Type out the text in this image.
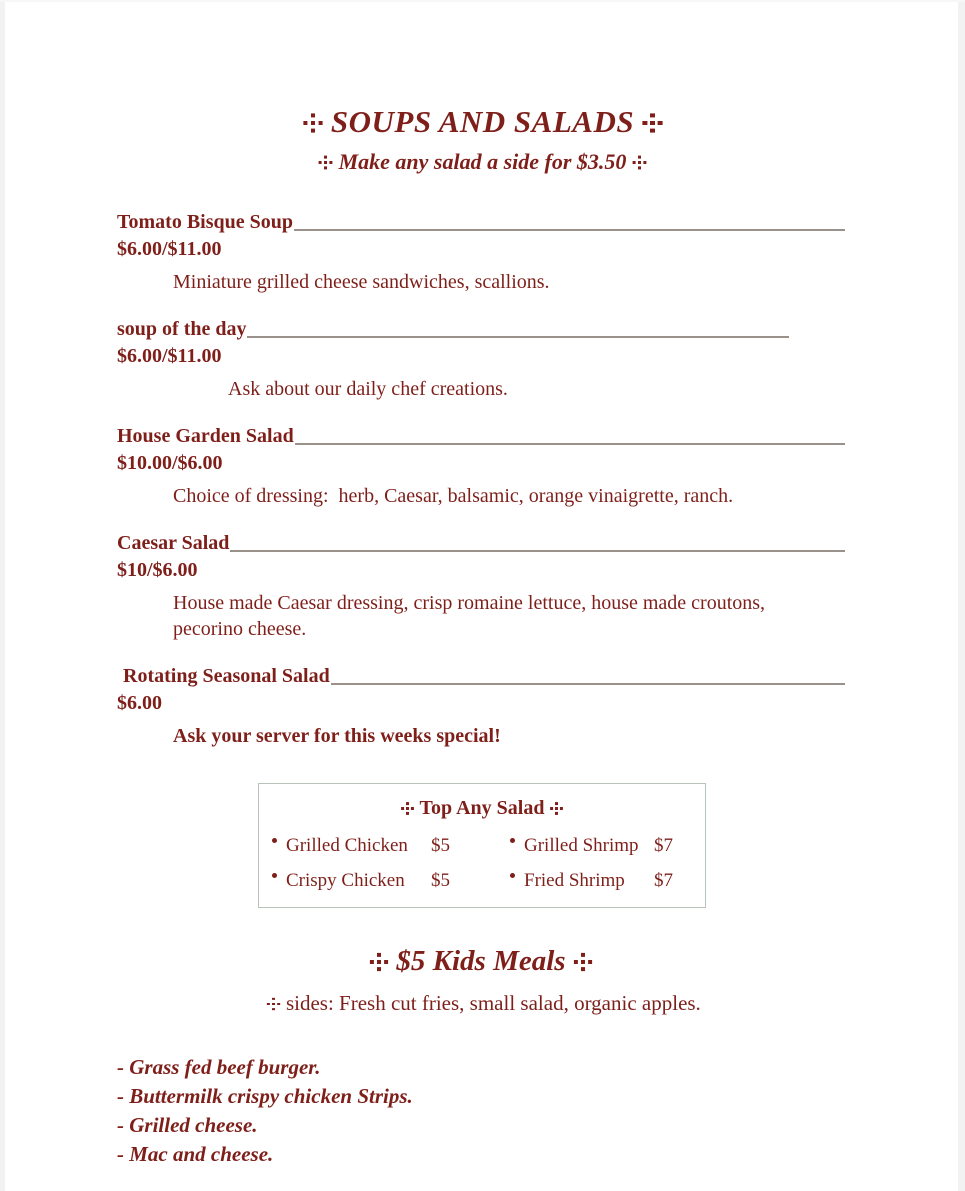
SOUPS AND SALADS
Make any salad a side for $3.50
Tomato Bisque Soup
$6.00/$11.00
Miniature grilled cheese sandwiches, scallions.
soup of the day
$6.00/$11.00
Ask about our daily chef creations.
House Garden Salad
$10.00/$6.00
Choice of dressing:  herb, Caesar, balsamic, orange vinaigrette, ranch.
Caesar Salad
$10/$6.00
House made Caesar dressing, crisp romaine lettuce, house made croutons, pecorino cheese.
Rotating Seasonal Salad
$6.00
Ask your server for this weeks special!
Top Any Salad
Grilled Chicken $5	Grilled Shrimp $7
Crispy Chicken $5	Fried Shrimp $7
$5 Kids Meals
sides: Fresh cut fries, small salad, organic apples.
- Grass fed beef burger.
- Buttermilk crispy chicken Strips.
- Grilled cheese.
- Mac and cheese.
